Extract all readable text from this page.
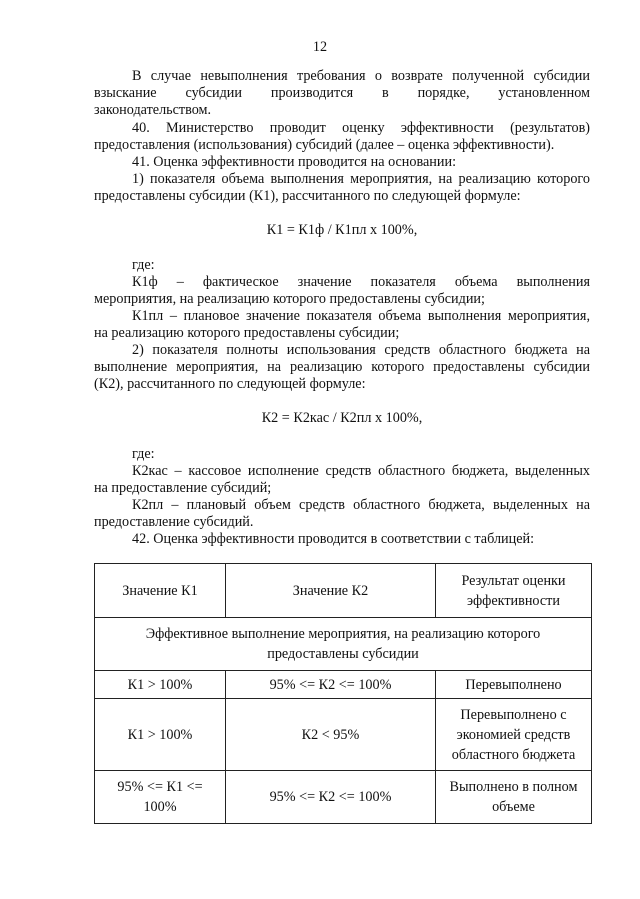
12
В случае невыполнения требования о возврате полученной субсидии
взыскание субсидии производится в порядке, установленном
законодательством.
40. Министерство проводит оценку эффективности (результатов)
предоставления (использования) субсидий (далее – оценка эффективности).
41. Оценка эффективности проводится на основании:
1) показателя объема выполнения мероприятия, на реализацию которого
предоставлены субсидии (К1), рассчитанного по следующей формуле:
К1 = К1ф / К1пл х 100%,
где:
К1ф – фактическое значение показателя объема выполнения
мероприятия, на реализацию которого предоставлены субсидии;
К1пл – плановое значение показателя объема выполнения мероприятия,
на реализацию которого предоставлены субсидии;
2) показателя полноты использования средств областного бюджета на
выполнение мероприятия, на реализацию которого предоставлены субсидии
(К2), рассчитанного по следующей формуле:
К2 = К2кас / К2пл х 100%,
где:
К2кас – кассовое исполнение средств областного бюджета, выделенных
на предоставление субсидий;
К2пл – плановый объем средств областного бюджета, выделенных на
предоставление субсидий.
42. Оценка эффективности проводится в соответствии с таблицей:
Значение К1	Значение К2	Результат оценки эффективности
Эффективное выполнение мероприятия, на реализацию которого предоставлены субсидии		
К1 > 100%	95% <= К2 <= 100%	Перевыполнено
К1 > 100%	К2 < 95%	Перевыполнено с экономией средств областного бюджета
95% <= К1 <= 100%	95% <= К2 <= 100%	Выполнено в полном объеме
